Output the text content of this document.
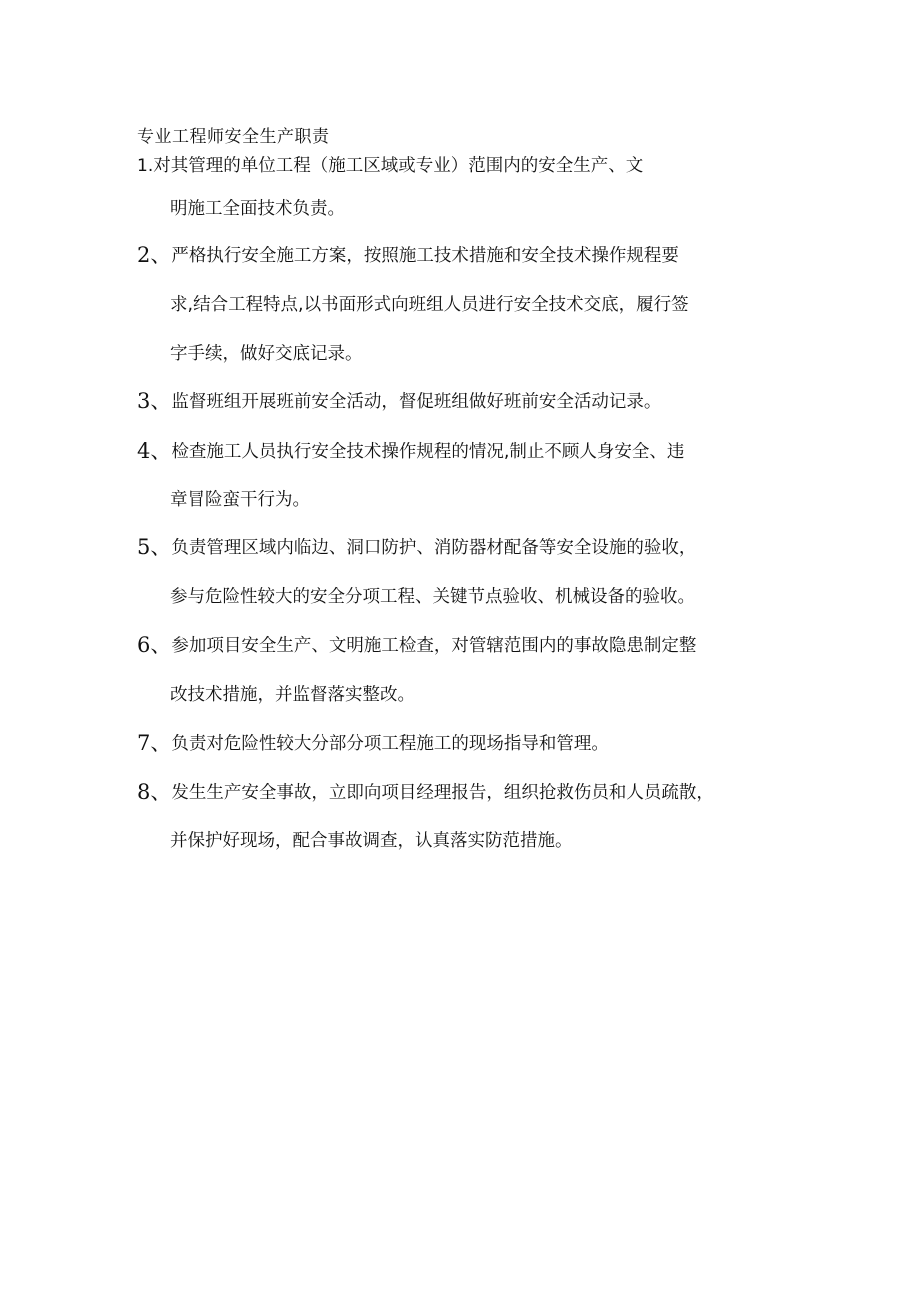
专业工程师安全生产职责
1.对其管理的单位工程（施工区域或专业）范围内的安全生产、文
明施工全面技术负责。
2、严格执行安全施工方案，按照施工技术措施和安全技术操作规程要
求,结合工程特点,以书面形式向班组人员进行安全技术交底，履行签
字手续，做好交底记录。
3、监督班组开展班前安全活动，督促班组做好班前安全活动记录。
4、检查施工人员执行安全技术操作规程的情况,制止不顾人身安全、违
章冒险蛮干行为。
5、负责管理区域内临边、洞口防护、消防器材配备等安全设施的验收，
参与危险性较大的安全分项工程、关键节点验收、机械设备的验收。
6、参加项目安全生产、文明施工检查，对管辖范围内的事故隐患制定整
改技术措施，并监督落实整改。
7、负责对危险性较大分部分项工程施工的现场指导和管理。
8、发生生产安全事故，立即向项目经理报告，组织抢救伤员和人员疏散，
并保护好现场，配合事故调查，认真落实防范措施。
